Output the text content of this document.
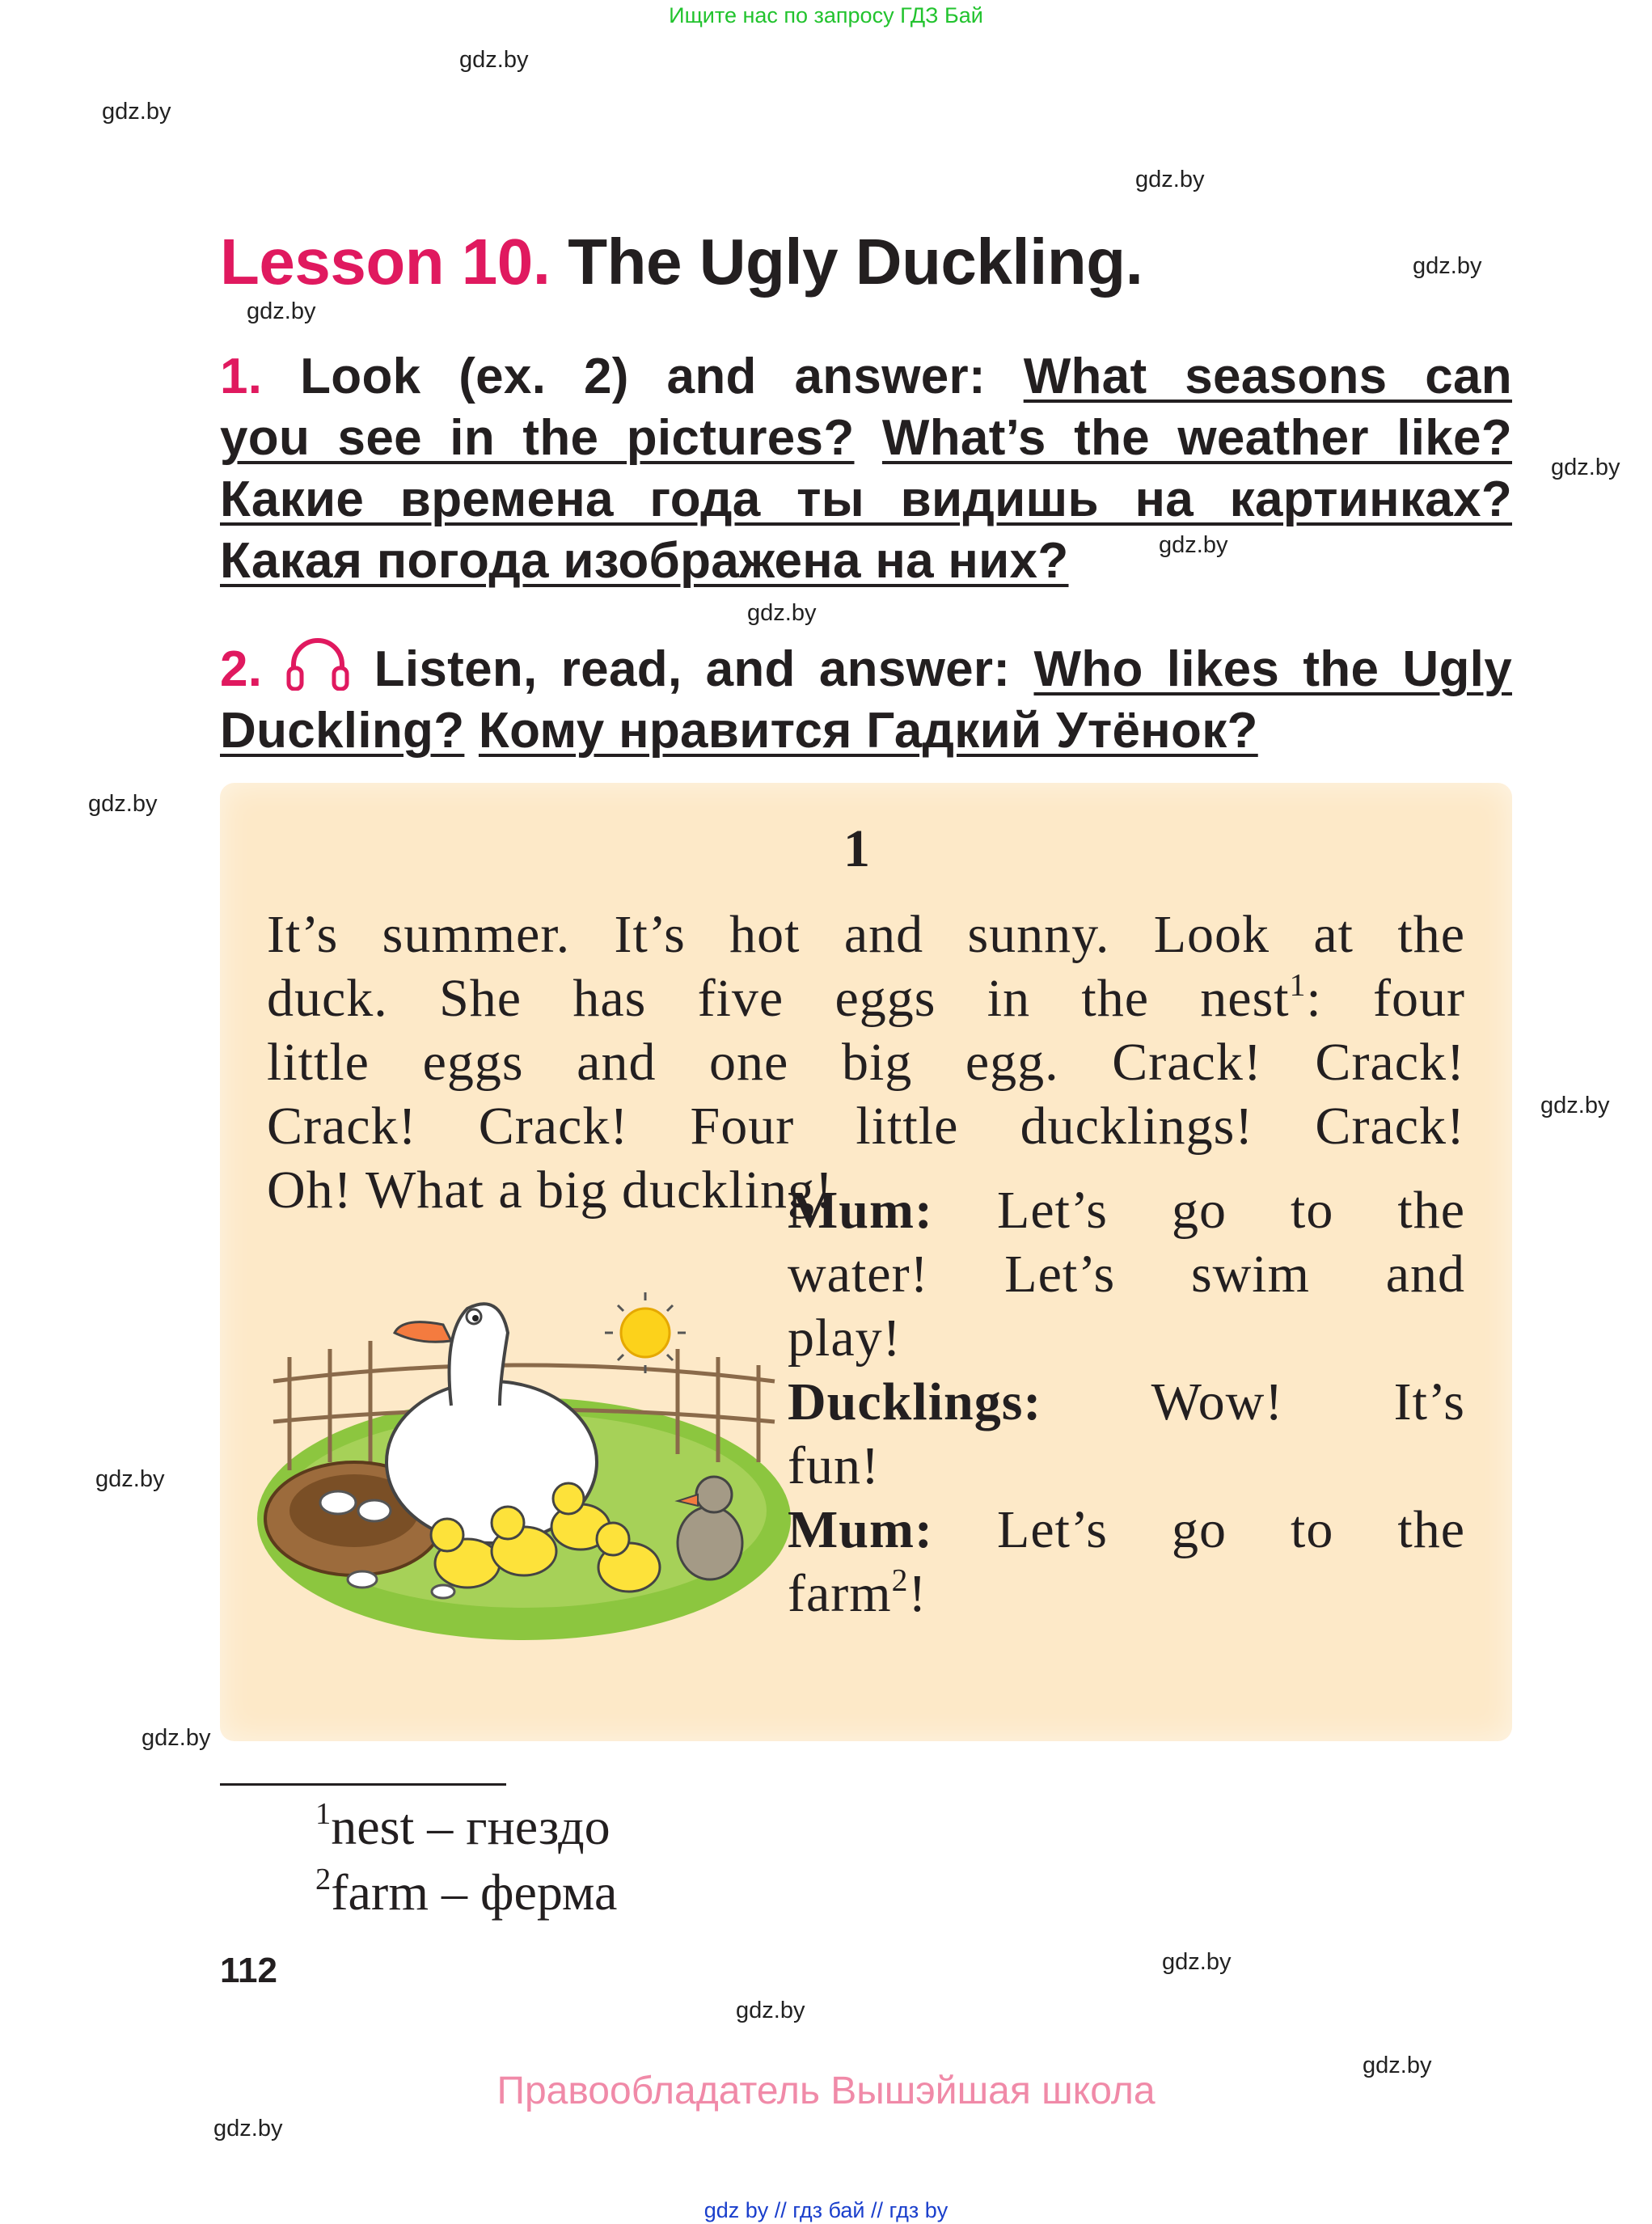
Ищите нас по запросу ГДЗ Бай
gdz.by
gdz.by
gdz.by
gdz.by
gdz.by
gdz.by
gdz.by
gdz.by
gdz.by
gdz.by
gdz.by
gdz.by
gdz.by
gdz.by
gdz.by
gdz.by
Lesson 10. The Ugly Duckling.
1. Look (ex. 2) and answer: What seasons can
you see in the pictures? What’s the weather like?
Какие времена года ты видишь на картинках?
Какая погода изображена на них?
2. Listen, read, and answer: Who likes the Ugly
Duckling? Кому нравится Гадкий Утёнок?
1
It’s summer. It’s hot and sunny. Look at the
duck. She has five eggs in the nest$^1$: four
little eggs and one big egg. Crack! Crack!
Crack! Crack! Four little ducklings! Crack!
Oh! What a big duckling!
Mum: Let’s go to the
water! Let’s swim and
play!
Ducklings: Wow! It’s
fun!
Mum: Let’s go to the
farm$^2$!
$^1$nest – гнездо
$^2$farm – ферма
112
Правообладатель Вышэйшая школа
gdz by // гдз бай // гдз by
